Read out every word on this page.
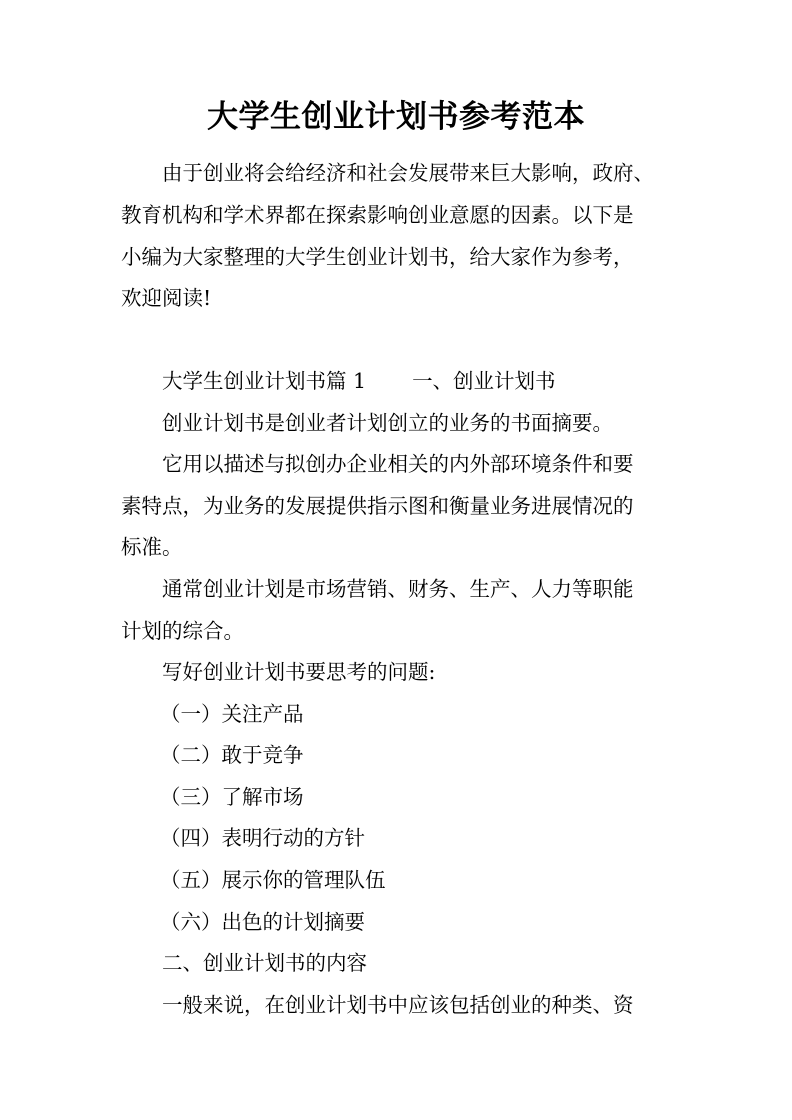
大学生创业计划书参考范本

由于创业将会给经济和社会发展带来巨大影响，政府、

教育机构和学术界都在探索影响创业意愿的因素。以下是

小编为大家整理的大学生创业计划书，给大家作为参考，

欢迎阅读!

大学生创业计划书篇 1 一、创业计划书

创业计划书是创业者计划创立的业务的书面摘要。

它用以描述与拟创办企业相关的内外部环境条件和要

素特点，为业务的发展提供指示图和衡量业务进展情况的

标准。

通常创业计划是市场营销、财务、生产、人力等职能

计划的综合。

写好创业计划书要思考的问题:

（一）关注产品

（二）敢于竞争

（三）了解市场

（四）表明行动的方针

（五）展示你的管理队伍

（六）出色的计划摘要

二、创业计划书的内容

一般来说，在创业计划书中应该包括创业的种类、资
